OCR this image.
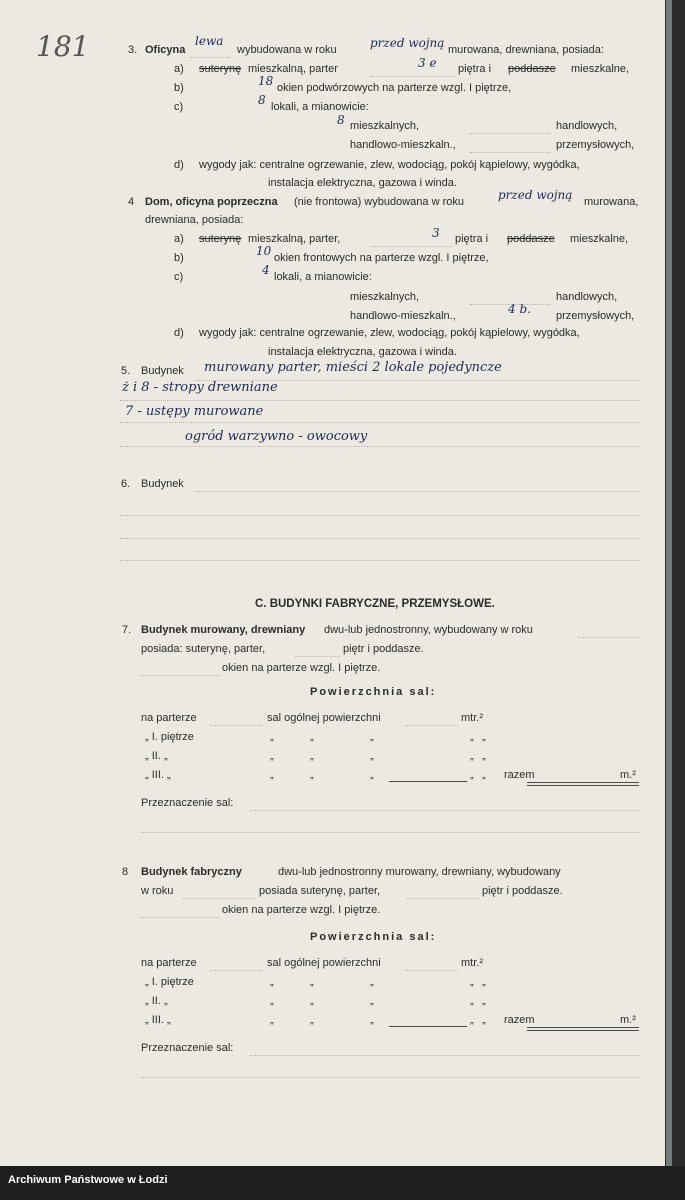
181	3. Oficyna
lewa
wybudowana w roku	przed wojną murowana, drewniana, posiada:
a) suterynę mieszkalną, parter	3 e piętra i poddasze mieszkalne,
b)	18 okien podwórzowych na parterze wzgl. I piętrze,
c)	8 lokali, a mianowicie:
8 mieszkalnych,	handlowych,
handlowo-mieszkaln.,	przemysłowych,
d) wygody jak: centralne ogrzewanie, zlew, wodociąg, pokój kąpielowy, wygódka,
instalacja elektryczna, gazowa i winda.
4 Dom, oficyna poprzeczna (nie frontowa) wybudowana w roku	przed wojną murowana,
drewniana, posiada:
a) suterynę mieszkalną, parter,	3 piętra i poddasze mieszkalne,
b)	10 okien frontowych na parterze wzgl. I piętrze,
c)	4 lokali, a mianowicie:
mieszkalnych,	handlowych,
handlowo-mieszkaln.,	4 b. przemysłowych,
d) wygody jak: centralne ogrzewanie, zlew, wodociąg, pokój kąpielowy, wygódka,
instalacja elektryczna, gazowa i winda.
5. Budynek murowany parter, mieści 2 lokale pojedyncze
ż i 8 - stropy drewniane
7 - ustępy murowane
ogród warzywno - owocowy
6. Budynek
C. BUDYNKI FABRYCZNE, PRZEMYSŁOWE.
7. Budynek murowany, drewniany dwu-lub jednostronny, wybudowany w roku
posiada: suterynę, parter,	piętr i poddasze.
okien na parterze wzgl. I piętrze.
Powierzchnia sal:
na parterze	sal ogólnej powierzchni	mtr.²
„ I. piętrze	„	„	„	„ „
„ II. „	„	„	„	„ „
„ III. „	„	„	„	„ „ razem	m.²
Przeznaczenie sal:
8 Budynek fabryczny	dwu-lub jednostronny murowany, drewniany, wybudowany
w roku	posiada suterynę, parter,	piętr i poddasze.
okien na parterze wzgl. I piętrze.
Powierzchnia sal:
na parterze	sal ogólnej powierzchni	mtr.²
„ I. piętrze	„	„	„	„ „
„ II. „	„	„	„	„ „
„ III. „	„	„	„	„ „ razem	m.²
Przeznaczenie sal:
Archiwum Państwowe w Łodzi
